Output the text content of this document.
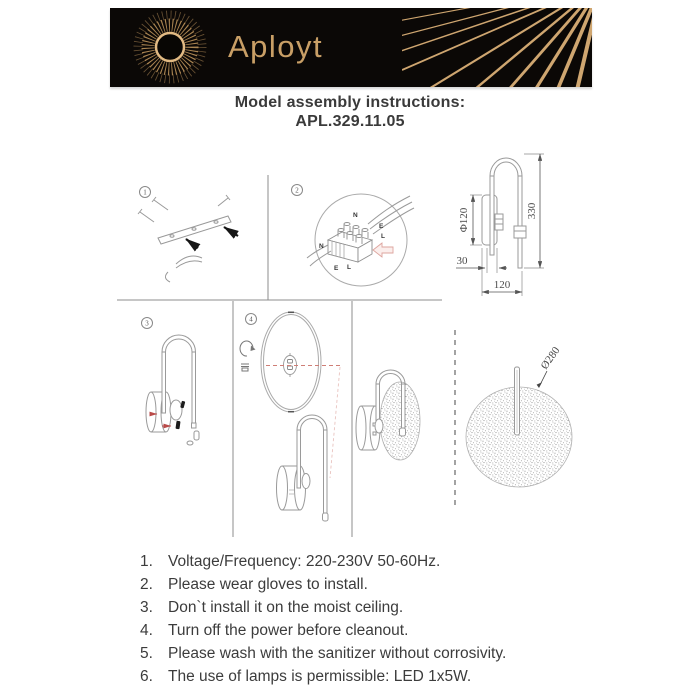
Aployt
Model assembly instructions:
APL.329.11.05
1	2
N
E
L
N
E L
Φ120	330
30
120
3	4
Ø280
1. Voltage/Frequency: 220-230V 50-60Hz.
2. Please wear gloves to install.
3. Don`t install it on the moist ceiling.
4. Turn off the power before cleanout.
5. Please wash with the sanitizer without corrosivity.
6. The use of lamps is permissible: LED 1x5W.
